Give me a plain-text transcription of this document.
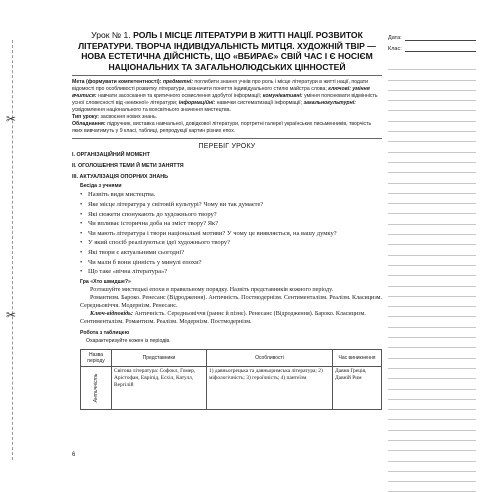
✂
✂
Дата:
Клас:
Урок № 1. РОЛЬ І МІСЦЕ ЛІТЕРАТУРИ В ЖИТТІ НАЦІЇ. РОЗВИТОК ЛІТЕРАТУРИ. ТВОРЧА ІНДИВІДУАЛЬНІСТЬ МИТЦЯ. ХУДОЖНІЙ ТВІР — НОВА ЕСТЕТИЧНА ДІЙСНІСТЬ, ЩО «ВБИРАЄ» СВІЙ ЧАС І Є НОСІЄМ НАЦІОНАЛЬНИХ ТА ЗАГАЛЬНОЛЮДСЬКИХ ЦІННОСТЕЙ

Мета (формувати компетентності): предметні: поглибити знання учнів про роль і місце літератури в житті нації, подати відомості про особливості розвитку літератури, визначити поняття індивідуального стилю майстра слова; ключові: уміння вчитися: навчати засоскання та критичного осмислення здобутої інформації; комунікативні: уміння пояснювати відмінність усної словесності від «книжної» літератури; інформаційні: навички систематизації інформації; загальнокультурні: усвідомлення національного та всесвітнього значення мистецтва.

Тип уроку: засвоєння нових знань.

Обладнання: підручник, виставка навчальної, довідкової літератури, портретні галереї українських письменників, творчість яких вивчатимуть у 9 класі, таблиці, репродукції картин різних епох.

ПЕРЕБІГ УРОКУ
I. ОРГАНІЗАЦІЙНИЙ МОМЕНТ
II. ОГОЛОШЕННЯ ТЕМИ Й МЕТИ ЗАНЯТТЯ
III. АКТУАЛІЗАЦІЯ ОПОРНИХ ЗНАНЬ
Бесіда з учнями
• Назвіть види мистецтва.
• Яке місце література у світовій культурі? Чому ви так думаєте?
• Які сюжети спонукають до художнього твору?
• Чи впливає історична доба на зміст твору? Як?
• Чи мають література і твори національні мотиви? У чому це виявляється, на вашу думку?
• У який спосіб реалізуються ідеї художнього твору?
• Які твори є актуальними сьогодні?
• Чи мали б вони цінність у минулі епохи?
• Що таке «вічна література»?
Гра «Хто швидше?»
Розташуйте мистецькі епохи в правильному порядку. Назвіть представників кожного періоду.
Романтизм. Бароко. Ренесанс (Відродження). Античність. Постмодернізм. Сентименталізм. Реалізм. Класицизм. Середньовіччя. Модернізм. Ренесанс.
Ключ-відповідь: Античність. Середньовіччя (раннє й пізнє). Ренесанс (Відродження). Бароко. Класицизм. Сентименталізм. Романтизм. Реалізм. Модернізм. Постмодернізм.
Робота з таблицею
Охарактеризуйте кожен із періодів.
Назва періоду	Представники	Особливості	Час виникнення

Античність	Світова література: Софокл, Гомер, Арістофан, Евріпід, Есхіл, Катулл, Вергілій	1) давньогрецька та давньоримська література; 2) міфологічність; 3) героїчність; 4) пантеїзм	Давня Греція, Давній Рим
6
